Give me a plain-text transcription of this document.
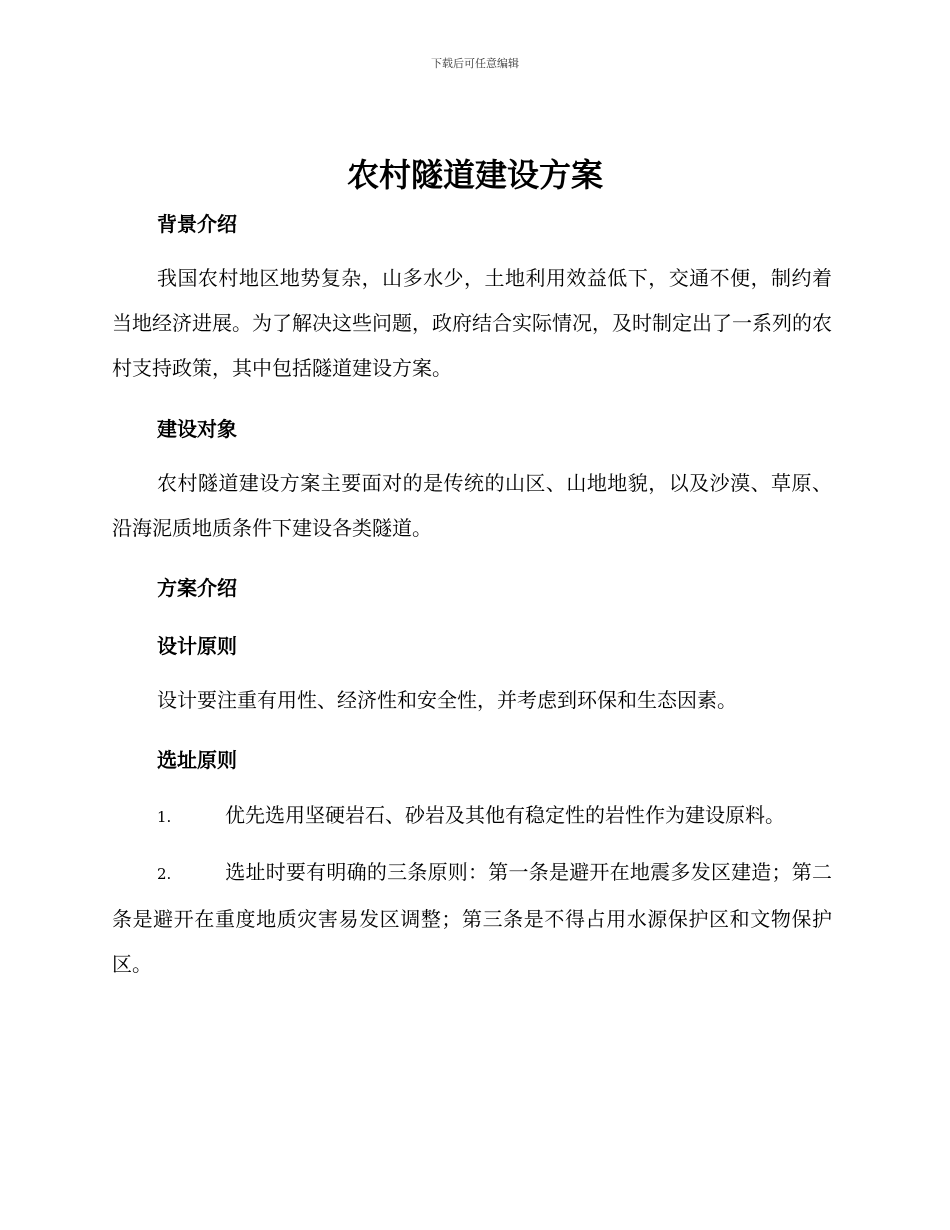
下载后可任意编辑
农村隧道建设方案
背景介绍

我国农村地区地势复杂，山多水少，土地利用效益低下，交通不便，制约着当地经济进展。为了解决这些问题，政府结合实际情况，及时制定出了一系列的农村支持政策，其中包括隧道建设方案。

建设对象

农村隧道建设方案主要面对的是传统的山区、山地地貌，以及沙漠、草原、沿海泥质地质条件下建设各类隧道。

方案介绍
设计原则

设计要注重有用性、经济性和安全性，并考虑到环保和生态因素。

选址原则
1.	优先选用坚硬岩石、砂岩及其他有稳定性的岩性作为建设原料。
2.	选址时要有明确的三条原则：第一条是避开在地震多发区建造；第二条是避开在重度地质灾害易发区调整；第三条是不得占用水源保护区和文物保护区。
